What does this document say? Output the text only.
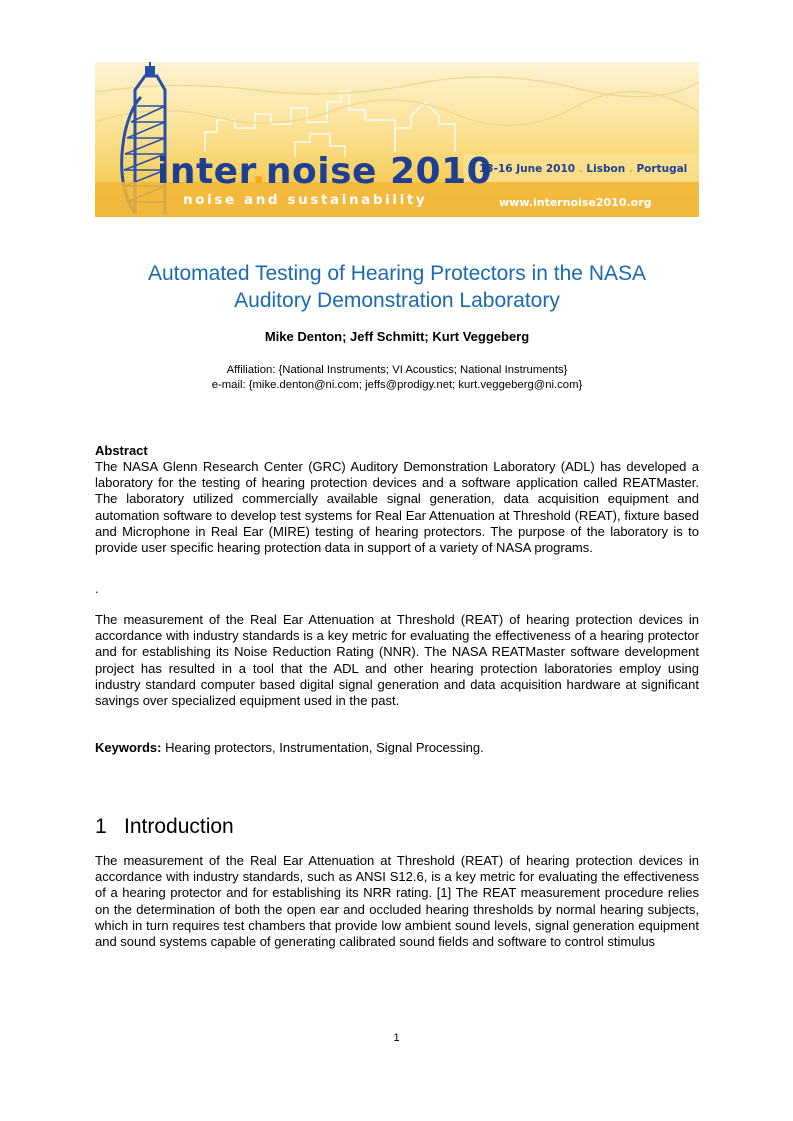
inter.noise 2010
noise and sustainability
13-16 June 2010 . Lisbon . Portugal
www.internoise2010.org
Automated Testing of Hearing Protectors in the NASA
Auditory Demonstration Laboratory
Mike Denton; Jeff Schmitt; Kurt Veggeberg
Affiliation: {National Instruments; VI Acoustics; National Instruments}
e-mail: {mike.denton@ni.com; jeffs@prodigy.net; kurt.veggeberg@ni.com}
Abstract
The NASA Glenn Research Center (GRC) Auditory Demonstration Laboratory (ADL) has developed a laboratory for the testing of hearing protection devices and a software application called REATMaster. The laboratory utilized commercially available signal generation, data acquisition equipment and automation software to develop test systems for Real Ear Attenuation at Threshold (REAT), fixture based and Microphone in Real Ear (MIRE) testing of hearing protectors. The purpose of the laboratory is to provide user specific hearing protection data in support of a variety of NASA programs.
.
The measurement of the Real Ear Attenuation at Threshold (REAT) of hearing protection devices in accordance with industry standards is a key metric for evaluating the effectiveness of a hearing protector and for establishing its Noise Reduction Rating (NNR). The NASA REATMaster software development project has resulted in a tool that the ADL and other hearing protection laboratories employ using industry standard computer based digital signal generation and data acquisition hardware at significant savings over specialized equipment used in the past.
Keywords: Hearing protectors, Instrumentation, Signal Processing.
1 Introduction
The measurement of the Real Ear Attenuation at Threshold (REAT) of hearing protection devices in accordance with industry standards, such as ANSI S12.6, is a key metric for evaluating the effectiveness of a hearing protector and for establishing its NRR rating. [1] The REAT measurement procedure relies on the determination of both the open ear and occluded hearing thresholds by normal hearing subjects, which in turn requires test chambers that provide low ambient sound levels, signal generation equipment and sound systems capable of generating calibrated sound fields and software to control stimulus
1
